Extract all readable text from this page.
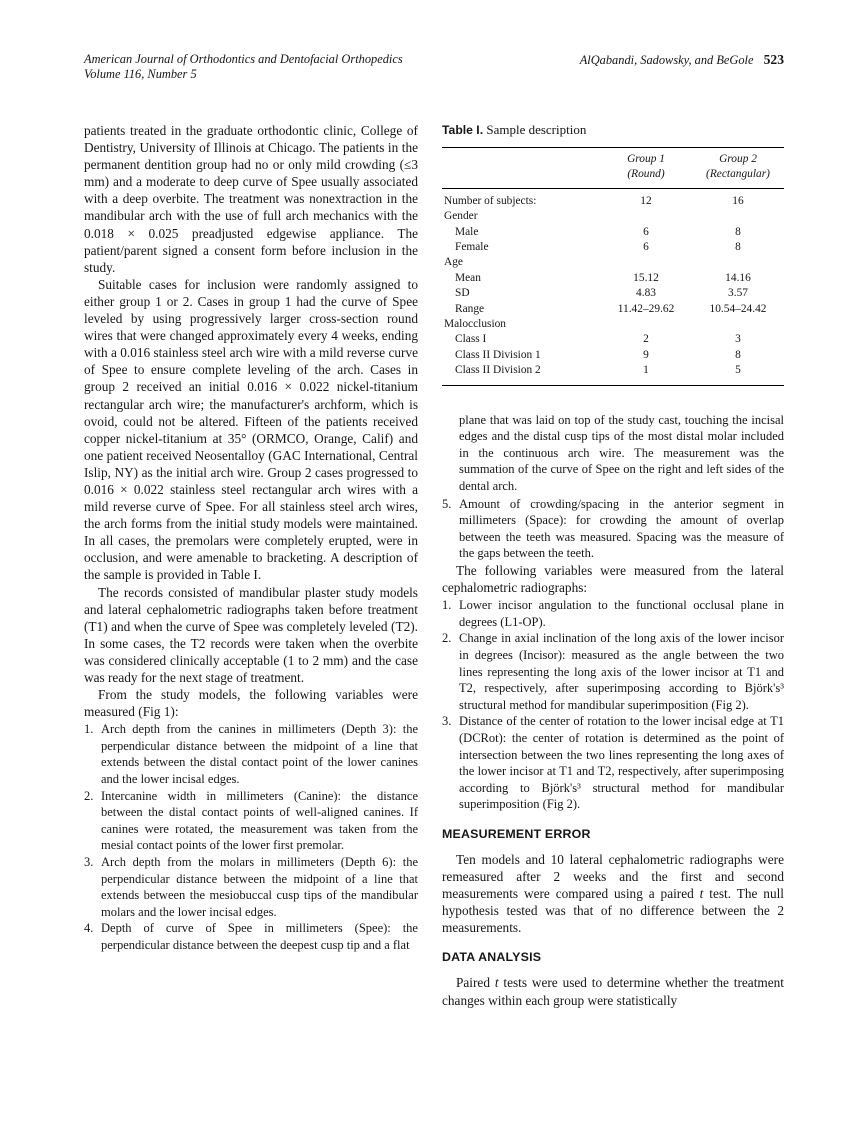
American Journal of Orthodontics and Dentofacial Orthopedics
Volume 116, Number 5
AlQabandi, Sadowsky, and BeGole 523

patients treated in the graduate orthodontic clinic, College of Dentistry, University of Illinois at Chicago. The patients in the permanent dentition group had no or only mild crowding (≤3 mm) and a moderate to deep curve of Spee usually associated with a deep overbite. The treatment was nonextraction in the mandibular arch with the use of full arch mechanics with the 0.018 × 0.025 preadjusted edgewise appliance. The patient/parent signed a consent form before inclusion in the study.

Suitable cases for inclusion were randomly assigned to either group 1 or 2. Cases in group 1 had the curve of Spee leveled by using progressively larger cross-section round wires that were changed approximately every 4 weeks, ending with a 0.016 stainless steel arch wire with a mild reverse curve of Spee to ensure complete leveling of the arch. Cases in group 2 received an initial 0.016 × 0.022 nickel-titanium rectangular arch wire; the manufacturer's archform, which is ovoid, could not be altered. Fifteen of the patients received copper nickel-titanium at 35° (ORMCO, Orange, Calif) and one patient received Neosentalloy (GAC International, Central Islip, NY) as the initial arch wire. Group 2 cases progressed to 0.016 × 0.022 stainless steel rectangular arch wires with a mild reverse curve of Spee. For all stainless steel arch wires, the arch forms from the initial study models were maintained. In all cases, the premolars were completely erupted, were in occlusion, and were amenable to bracketing. A description of the sample is provided in Table I.

The records consisted of mandibular plaster study models and lateral cephalometric radiographs taken before treatment (T1) and when the curve of Spee was completely leveled (T2). In some cases, the T2 records were taken when the overbite was considered clinically acceptable (1 to 2 mm) and the case was ready for the next stage of treatment.

From the study models, the following variables were measured (Fig 1):

1. Arch depth from the canines in millimeters (Depth 3): the perpendicular distance between the midpoint of a line that extends between the distal contact point of the lower canines and the lower incisal edges.
2. Intercanine width in millimeters (Canine): the distance between the distal contact points of well-aligned canines. If canines were rotated, the measurement was taken from the mesial contact points of the lower first premolar.
3. Arch depth from the molars in millimeters (Depth 6): the perpendicular distance between the midpoint of a line that extends between the mesiobuccal cusp tips of the mandibular molars and the lower incisal edges.
4. Depth of curve of Spee in millimeters (Spee): the perpendicular distance between the deepest cusp tip and a flat
Table I. Sample description

	Group 1
(Round)	Group 2
(Rectangular)

Number of subjects:	12	16
Gender		
Male	6	8
Female	6	8
Age		
Mean	15.12	14.16
SD	4.83	3.57
Range	11.42–29.62	10.54–24.42
Malocclusion		
Class I	2	3
Class II Division 1	9	8
Class II Division 2	1	5
plane that was laid on top of the study cast, touching the incisal edges and the distal cusp tips of the most distal molar included in the continuous arch wire. The measurement was the summation of the curve of Spee on the right and left sides of the dental arch.
5. Amount of crowding/spacing in the anterior segment in millimeters (Space): for crowding the amount of overlap between the teeth was measured. Spacing was the measure of the gaps between the teeth.

The following variables were measured from the lateral cephalometric radiographs:

1. Lower incisor angulation to the functional occlusal plane in degrees (L1-OP).
2. Change in axial inclination of the long axis of the lower incisor in degrees (Incisor): measured as the angle between the two lines representing the long axis of the lower incisor at T1 and T2, respectively, after superimposing according to Björk's³ structural method for mandibular superimposition (Fig 2).
3. Distance of the center of rotation to the lower incisal edge at T1 (DCRot): the center of rotation is determined as the point of intersection between the two lines representing the long axes of the lower incisor at T1 and T2, respectively, after superimposing according to Björk's³ structural method for mandibular superimposition (Fig 2).
MEASUREMENT ERROR

Ten models and 10 lateral cephalometric radiographs were remeasured after 2 weeks and the first and second measurements were compared using a paired t test. The null hypothesis tested was that of no difference between the 2 measurements.

DATA ANALYSIS

Paired t tests were used to determine whether the treatment changes within each group were statistically
